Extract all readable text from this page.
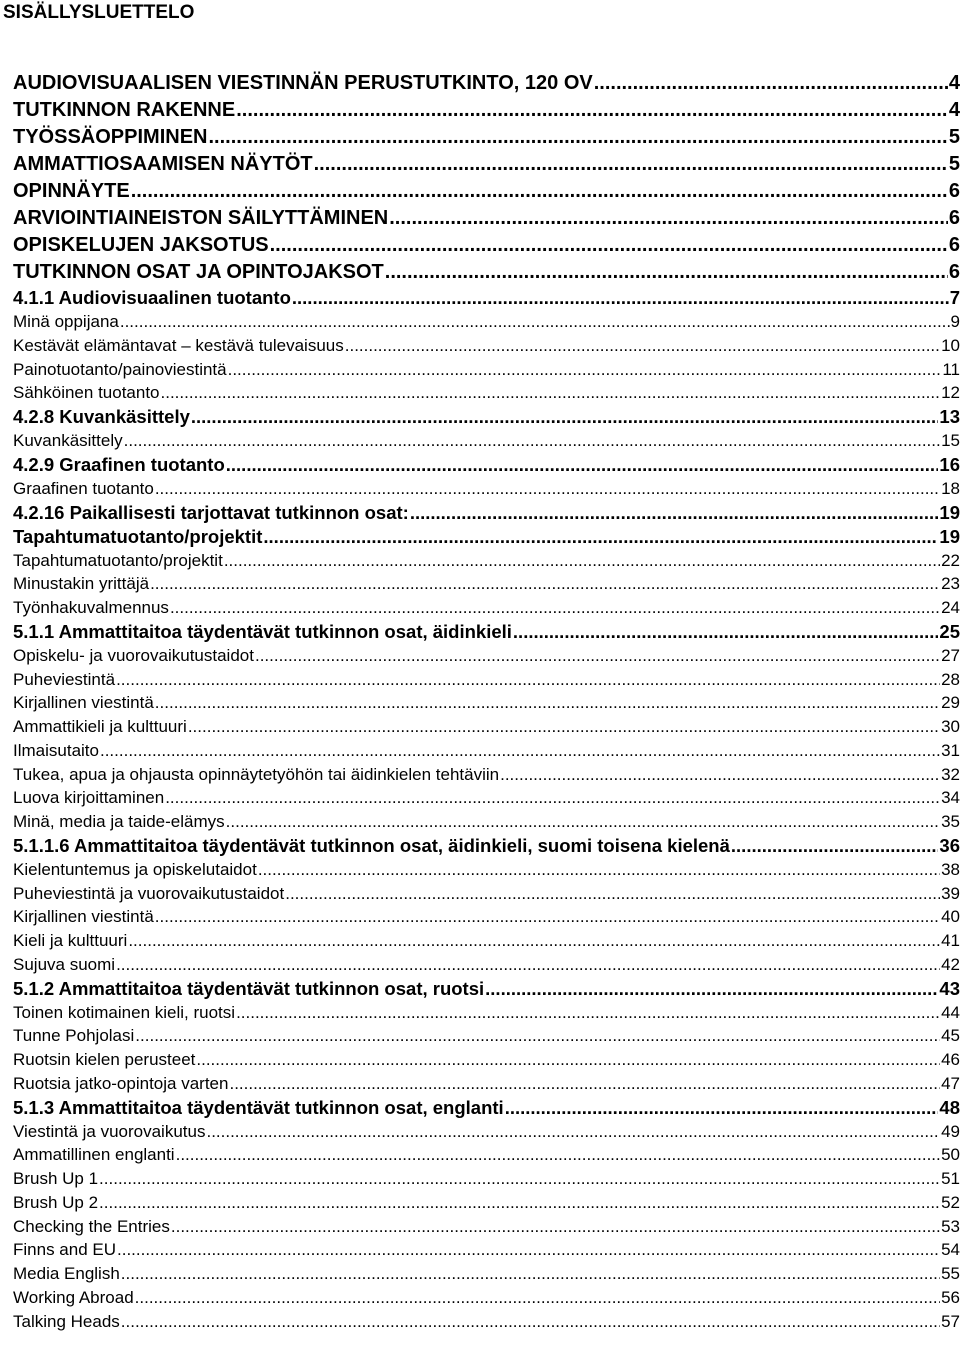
SISÄLLYSLUETTELO
AUDIOVISUAALISEN VIESTINNÄN PERUSTUTKINTO, 120 OV .....	4
TUTKINNON RAKENNE .....	4
TYÖSSÄOPPIMINEN .....	5
AMMATTIOSAAMISEN NÄYTÖT .....	5
OPINNÄYTE .....	6
ARVIOINTIAINEISTON SÄILYTTÄMINEN .....	6
OPISKELUJEN JAKSOTUS .....	6
TUTKINNON OSAT JA OPINTOJAKSOT .....	6
4.1.1 Audiovisuaalinen tuotanto .....	7
Minä oppijana .....	9
Kestävät elämäntavat – kestävä tulevaisuus .....	10
Painotuotanto/painoviestintä .....	11
Sähköinen tuotanto .....	12
4.2.8 Kuvankäsittely .....	13
Kuvankäsittely .....	15
4.2.9 Graafinen tuotanto .....	16
Graafinen tuotanto .....	18
4.2.16 Paikallisesti tarjottavat tutkinnon osat: .....	19
Tapahtumatuotanto/projektit .....	19
Tapahtumatuotanto/projektit .....	22
Minustakin yrittäjä .....	23
Työnhakuvalmennus .....	24
5.1.1 Ammattitaitoa täydentävät tutkinnon osat, äidinkieli .....	25
Opiskelu- ja vuorovaikutustaidot .....	27
Puheviestintä .....	28
Kirjallinen viestintä .....	29
Ammattikieli ja kulttuuri .....	30
Ilmaisutaito .....	31
Tukea, apua ja ohjausta opinnäytetyöhön tai äidinkielen tehtäviin .....	32
Luova kirjoittaminen .....	34
Minä, media ja taide-elämys .....	35
5.1.1.6 Ammattitaitoa täydentävät tutkinnon osat, äidinkieli, suomi toisena kielenä .....	36
Kielentuntemus ja opiskelutaidot .....	38
Puheviestintä ja vuorovaikutustaidot .....	39
Kirjallinen viestintä .....	40
Kieli ja kulttuuri .....	41
Sujuva suomi .....	42
5.1.2 Ammattitaitoa täydentävät tutkinnon osat, ruotsi .....	43
Toinen kotimainen kieli, ruotsi .....	44
Tunne Pohjolasi .....	45
Ruotsin kielen perusteet .....	46
Ruotsia jatko-opintoja varten .....	47
5.1.3 Ammattitaitoa täydentävät tutkinnon osat, englanti .....	48
Viestintä ja vuorovaikutus .....	49
Ammatillinen englanti .....	50
Brush Up 1 .....	51
Brush Up 2 .....	52
Checking the Entries .....	53
Finns and EU .....	54
Media English .....	55
Working Abroad .....	56
Talking Heads .....	57
